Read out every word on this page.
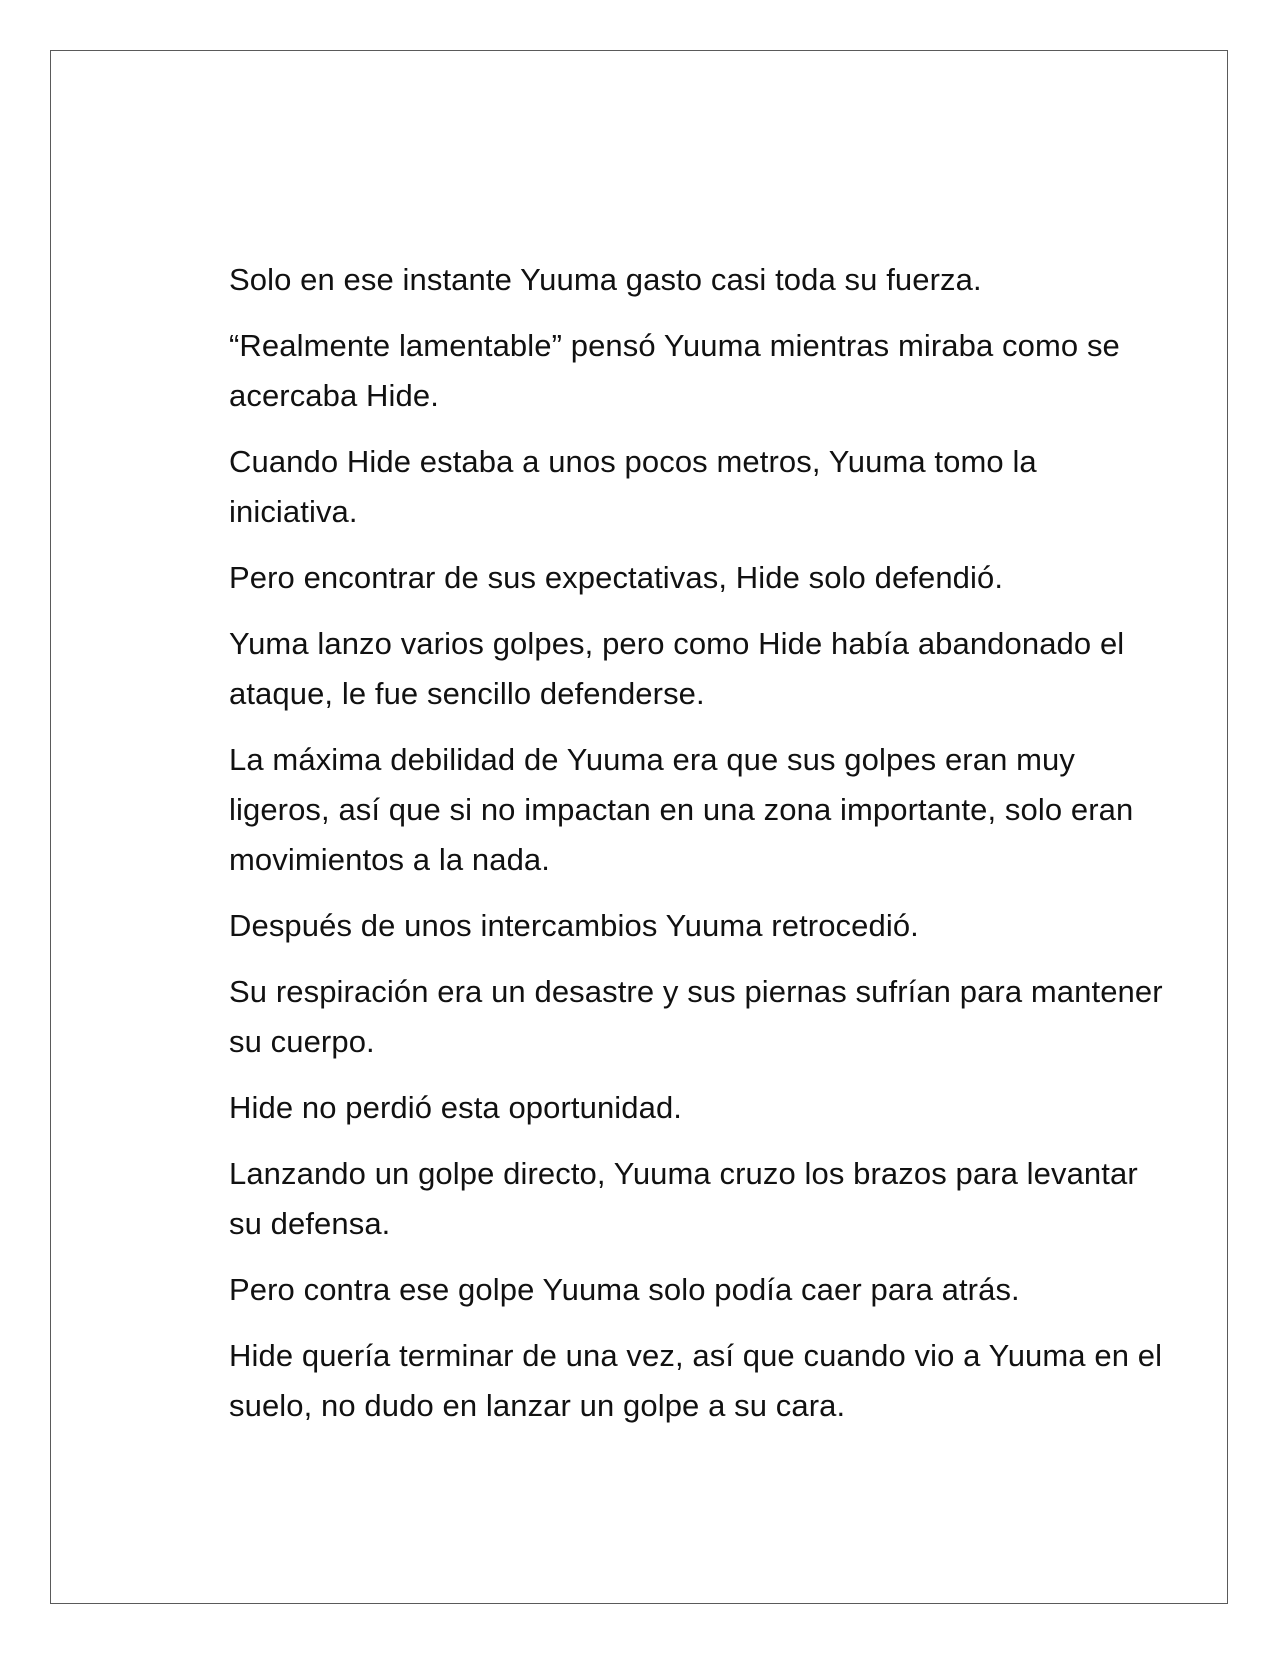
Solo en ese instante Yuuma gasto casi toda su fuerza.

“Realmente lamentable” pensó Yuuma mientras miraba como se acercaba Hide.

Cuando Hide estaba a unos pocos metros, Yuuma tomo la iniciativa.

Pero encontrar de sus expectativas, Hide solo defendió.

Yuma lanzo varios golpes, pero como Hide había abandonado el ataque, le fue sencillo defenderse.

La máxima debilidad de Yuuma era que sus golpes eran muy ligeros, así que si no impactan en una zona importante, solo eran movimientos a la nada.

Después de unos intercambios Yuuma retrocedió.

Su respiración era un desastre y sus piernas sufrían para mantener su cuerpo.

Hide no perdió esta oportunidad.

Lanzando un golpe directo, Yuuma cruzo los brazos para levantar su defensa.

Pero contra ese golpe Yuuma solo podía caer para atrás.

Hide quería terminar de una vez, así que cuando vio a Yuuma en el suelo, no dudo en lanzar un golpe a su cara.
